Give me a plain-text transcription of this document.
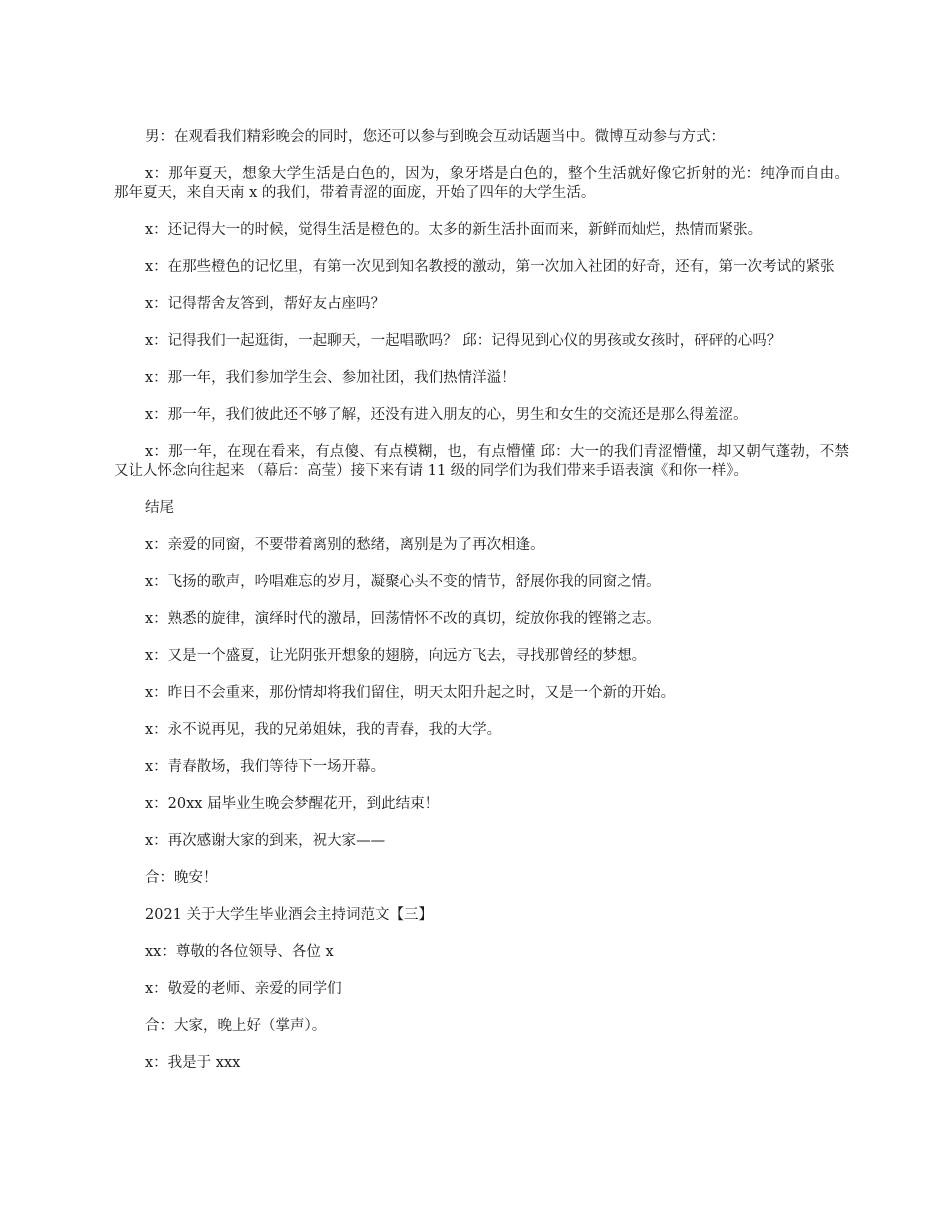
男：在观看我们精彩晚会的同时，您还可以参与到晚会互动话题当中。微博互动参与方式：

x：那年夏天，想象大学生活是白色的，因为，象牙塔是白色的，整个生活就好像它折射的光：纯净而自由。那年夏天，来自天南 x 的我们，带着青涩的面庞，开始了四年的大学生活。

x：还记得大一的时候，觉得生活是橙色的。太多的新生活扑面而来，新鲜而灿烂，热情而紧张。

x：在那些橙色的记忆里，有第一次见到知名教授的激动，第一次加入社团的好奇，还有，第一次考试的紧张

x：记得帮舍友答到，帮好友占座吗？

x：记得我们一起逛街，一起聊天，一起唱歌吗？ 邱：记得见到心仪的男孩或女孩时，砰砰的心吗？

x：那一年，我们参加学生会、参加社团，我们热情洋溢！

x：那一年，我们彼此还不够了解，还没有进入朋友的心，男生和女生的交流还是那么得羞涩。

x：那一年，在现在看来，有点傻、有点模糊，也，有点懵懂 邱：大一的我们青涩懵懂，却又朝气蓬勃，不禁又让人怀念向往起来 （幕后：高莹）接下来有请 11 级的同学们为我们带来手语表演《和你一样》。

结尾

x：亲爱的同窗，不要带着离别的愁绪，离别是为了再次相逢。

x：飞扬的歌声，吟唱难忘的岁月，凝聚心头不变的情节，舒展你我的同窗之情。

x：熟悉的旋律，演绎时代的激昂，回荡情怀不改的真切，绽放你我的铿锵之志。

x：又是一个盛夏，让光阴张开想象的翅膀，向远方飞去，寻找那曾经的梦想。

x：昨日不会重来，那份情却将我们留住，明天太阳升起之时，又是一个新的开始。

x：永不说再见，我的兄弟姐妹，我的青春，我的大学。

x：青春散场，我们等待下一场开幕。

x：20xx 届毕业生晚会梦醒花开，到此结束！

x：再次感谢大家的到来，祝大家——

合：晚安！

2021 关于大学生毕业酒会主持词范文【三】

xx：尊敬的各位领导、各位 x

x：敬爱的老师、亲爱的同学们

合：大家，晚上好（掌声）。

x：我是于 xxx
